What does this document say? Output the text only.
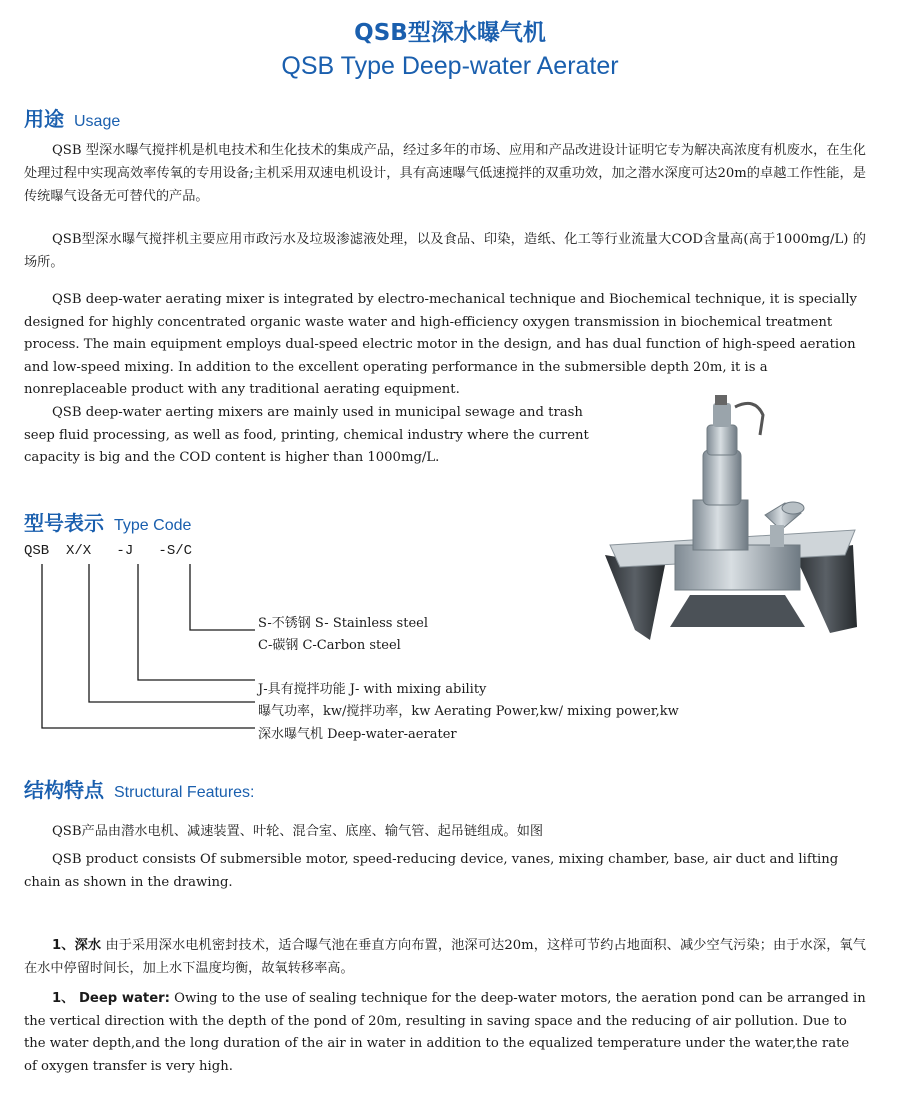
QSB型深水曝气机
QSB Type Deep-water Aerater
用途 Usage
QSB 型深水曝气搅拌机是机电技术和生化技术的集成产品，经过多年的市场、应用和产品改进设计证明它专为解决高浓度有机废水，在生化处理过程中实现高效率传氧的专用设备;主机采用双速电机设计，具有高速曝气低速搅拌的双重功效，加之潜水深度可达20m的卓越工作性能，是传统曝气设备无可替代的产品。
QSB型深水曝气搅拌机主要应用市政污水及垃圾渗滤液处理，以及食品、印染，造纸、化工等行业流量大COD含量高(高于1000mg/L) 的场所。
QSB deep-water aerating mixer is integrated by electro-mechanical technique and Biochemical technique, it is specially designed for highly concentrated organic waste water and high-efficiency oxygen transmission in biochemical treatment process. The main equipment employs dual-speed electric motor in the design, and has dual function of high-speed aeration and low-speed mixing. In addition to the excellent operating performance in the submersible depth 20m, it is a nonreplaceable product with any traditional aerating equipment.
QSB deep-water aerting mixers are mainly used in municipal sewage and trash seep fluid processing, as well as food, printing, chemical industry where the current capacity is big and the COD content is higher than 1000mg/L.
型号表示 Type Code
QSB  X/X   -J   -S/C
S-不锈钢 S- Stainless steel
C-碳钢 C-Carbon steel
J-具有搅拌功能 J- with mixing ability
曝气功率，kw/搅拌功率，kw Aerating Power,kw/ mixing power,kw
深水曝气机 Deep-water-aerater
结构特点 Structural Features:
QSB产品由潜水电机、减速装置、叶轮、混合室、底座、输气管、起吊链组成。如图
QSB product consists Of submersible motor, speed-reducing device, vanes, mixing chamber, base, air duct and lifting chain as shown in the drawing.
1、深水 由于采用深水电机密封技术，适合曝气池在垂直方向布置，池深可达20m，这样可节约占地面积、减少空气污染；由于水深，氧气在水中停留时间长，加上水下温度均衡，故氧转移率高。
1、 Deep water: Owing to the use of sealing technique for the deep-water motors, the aeration pond can be arranged in the vertical direction with the depth of the pond of 20m, resulting in saving space and the reducing of air pollution. Due to the water depth,and the long duration of the air in water in addition to the equalized temperature under the water,the rate of oxygen transfer is very high.
